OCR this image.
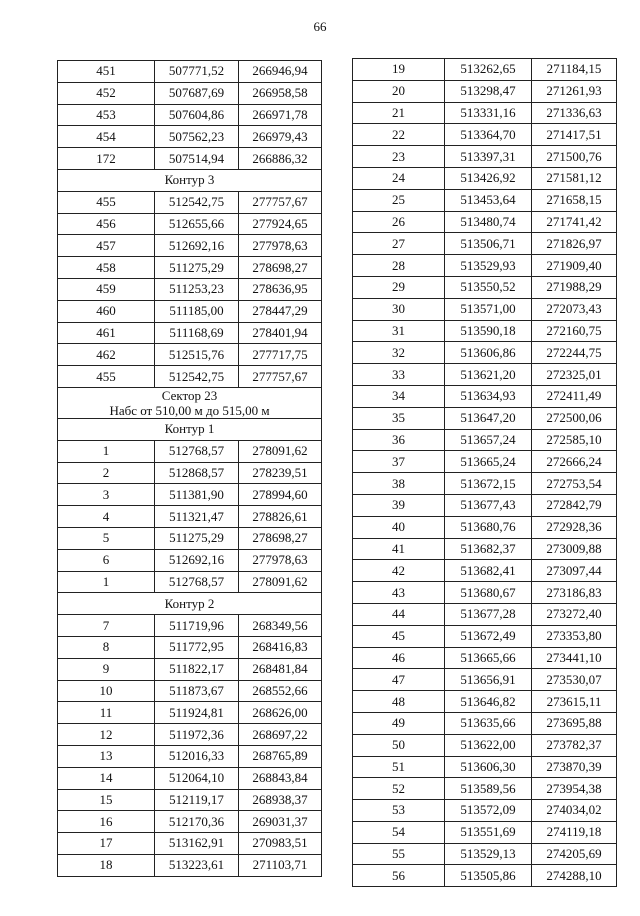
66
451	507771,52	266946,94
452	507687,69	266958,58
453	507604,86	266971,78
454	507562,23	266979,43
172	507514,94	266886,32
Контур 3		
455	512542,75	277757,67
456	512655,66	277924,65
457	512692,16	277978,63
458	511275,29	278698,27
459	511253,23	278636,95
460	511185,00	278447,29
461	511168,69	278401,94
462	512515,76	277717,75
455	512542,75	277757,67

Сектор 23
Набс от 510,00 м до 515,00 м		

Контур 1		
1	512768,57	278091,62
2	512868,57	278239,51
3	511381,90	278994,60
4	511321,47	278826,61
5	511275,29	278698,27
6	512692,16	277978,63
1	512768,57	278091,62
Контур 2		
7	511719,96	268349,56
8	511772,95	268416,83
9	511822,17	268481,84
10	511873,67	268552,66
11	511924,81	268626,00
12	511972,36	268697,22
13	512016,33	268765,89
14	512064,10	268843,84
15	512119,17	268938,37
16	512170,36	269031,37
17	513162,91	270983,51
18	513223,61	271103,71
19	513262,65	271184,15
20	513298,47	271261,93
21	513331,16	271336,63
22	513364,70	271417,51
23	513397,31	271500,76
24	513426,92	271581,12
25	513453,64	271658,15
26	513480,74	271741,42
27	513506,71	271826,97
28	513529,93	271909,40
29	513550,52	271988,29
30	513571,00	272073,43
31	513590,18	272160,75
32	513606,86	272244,75
33	513621,20	272325,01
34	513634,93	272411,49
35	513647,20	272500,06
36	513657,24	272585,10
37	513665,24	272666,24
38	513672,15	272753,54
39	513677,43	272842,79
40	513680,76	272928,36
41	513682,37	273009,88
42	513682,41	273097,44
43	513680,67	273186,83
44	513677,28	273272,40
45	513672,49	273353,80
46	513665,66	273441,10
47	513656,91	273530,07
48	513646,82	273615,11
49	513635,66	273695,88
50	513622,00	273782,37
51	513606,30	273870,39
52	513589,56	273954,38
53	513572,09	274034,02
54	513551,69	274119,18
55	513529,13	274205,69
56	513505,86	274288,10
